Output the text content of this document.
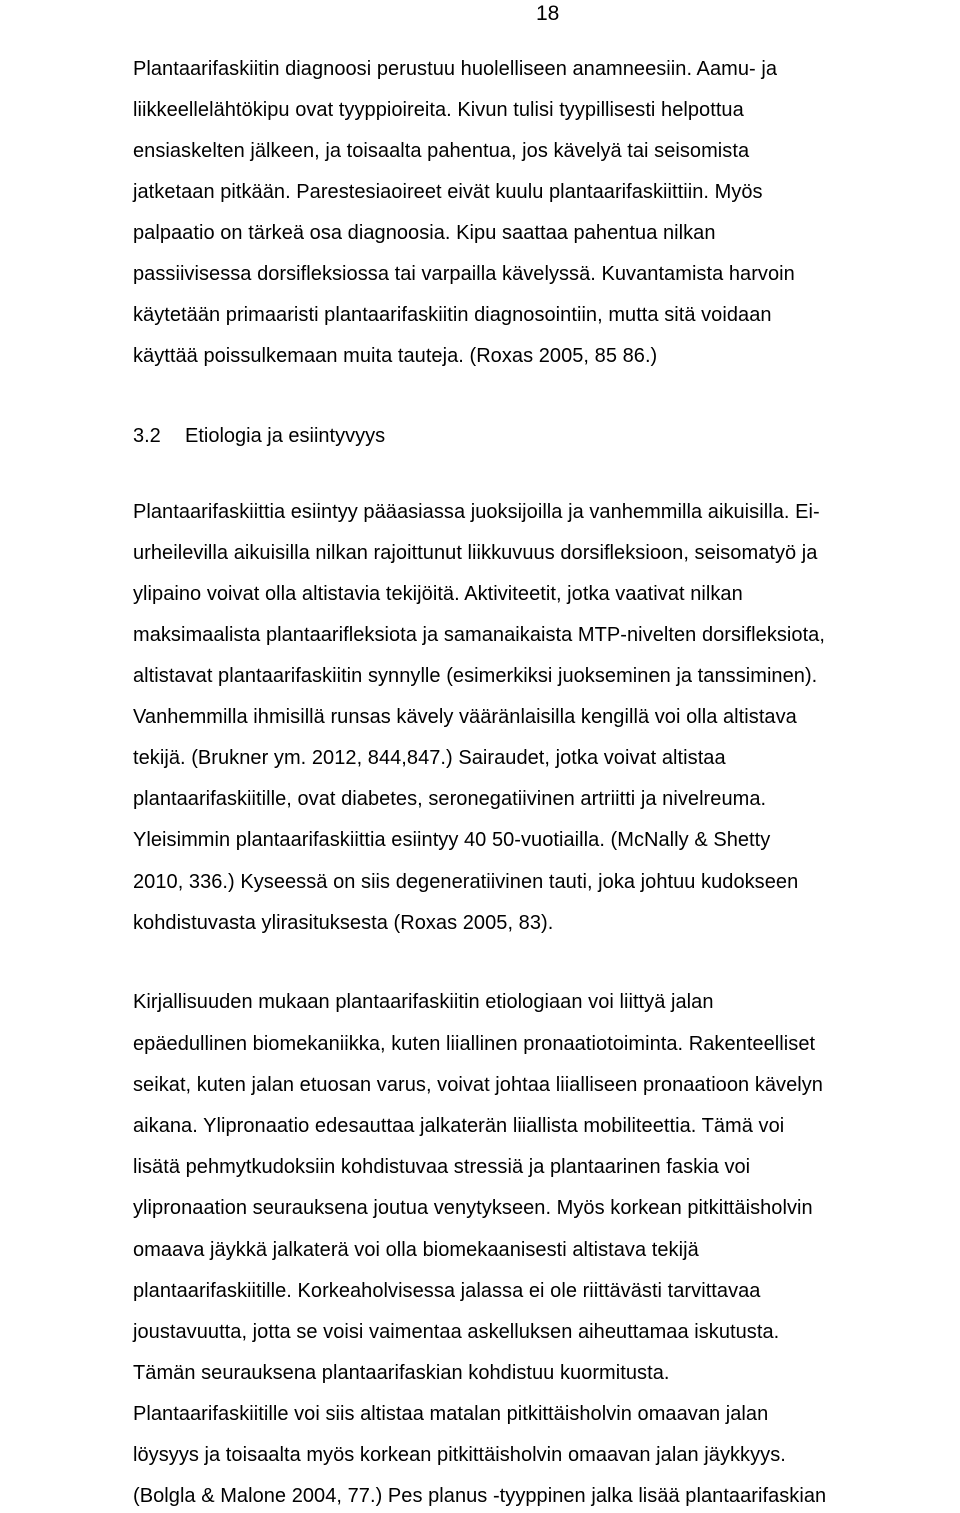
18
Plantaarifaskiitin diagnoosi perustuu huolelliseen anamneesiin. Aamu- ja
liikkeellelähtökipu ovat tyyppioireita. Kivun tulisi tyypillisesti helpottua
ensiaskelten jälkeen, ja toisaalta pahentua, jos kävelyä tai seisomista
jatketaan pitkään. Parestesiaoireet eivät kuulu plantaarifaskiittiin. Myös
palpaatio on tärkeä osa diagnoosia. Kipu saattaa pahentua nilkan
passiivisessa dorsifleksiossa tai varpailla kävelyssä. Kuvantamista harvoin
käytetään primaaristi plantaarifaskiitin diagnosointiin, mutta sitä voidaan
käyttää poissulkemaan muita tauteja. (Roxas 2005, 85 86.)
3.2 Etiologia ja esiintyvyys
Plantaarifaskiittia esiintyy pääasiassa juoksijoilla ja vanhemmilla aikuisilla. Ei-
urheilevilla aikuisilla nilkan rajoittunut liikkuvuus dorsifleksioon, seisomatyö ja
ylipaino voivat olla altistavia tekijöitä. Aktiviteetit, jotka vaativat nilkan
maksimaalista plantaarifleksiota ja samanaikaista MTP-nivelten dorsifleksiota,
altistavat plantaarifaskiitin synnylle (esimerkiksi juokseminen ja tanssiminen).
Vanhemmilla ihmisillä runsas kävely vääränlaisilla kengillä voi olla altistava
tekijä. (Brukner ym. 2012, 844,847.) Sairaudet, jotka voivat altistaa
plantaarifaskiitille, ovat diabetes, seronegatiivinen artriitti ja nivelreuma.
Yleisimmin plantaarifaskiittia esiintyy 40 50-vuotiailla. (McNally & Shetty
2010, 336.) Kyseessä on siis degeneratiivinen tauti, joka johtuu kudokseen
kohdistuvasta ylirasituksesta (Roxas 2005, 83).
Kirjallisuuden mukaan plantaarifaskiitin etiologiaan voi liittyä jalan
epäedullinen biomekaniikka, kuten liiallinen pronaatiotoiminta. Rakenteelliset
seikat, kuten jalan etuosan varus, voivat johtaa liialliseen pronaatioon kävelyn
aikana. Ylipronaatio edesauttaa jalkaterän liiallista mobiliteettia. Tämä voi
lisätä pehmytkudoksiin kohdistuvaa stressiä ja plantaarinen faskia voi
ylipronaation seurauksena joutua venytykseen. Myös korkean pitkittäisholvin
omaava jäykkä jalkaterä voi olla biomekaanisesti altistava tekijä
plantaarifaskiitille. Korkeaholvisessa jalassa ei ole riittävästi tarvittavaa
joustavuutta, jotta se voisi vaimentaa askelluksen aiheuttamaa iskutusta.
Tämän seurauksena plantaarifaskian kohdistuu kuormitusta.
Plantaarifaskiitille voi siis altistaa matalan pitkittäisholvin omaavan jalan
löysyys ja toisaalta myös korkean pitkittäisholvin omaavan jalan jäykkyys.
(Bolgla & Malone 2004, 77.) Pes planus -tyyppinen jalka lisää plantaarifaskian
